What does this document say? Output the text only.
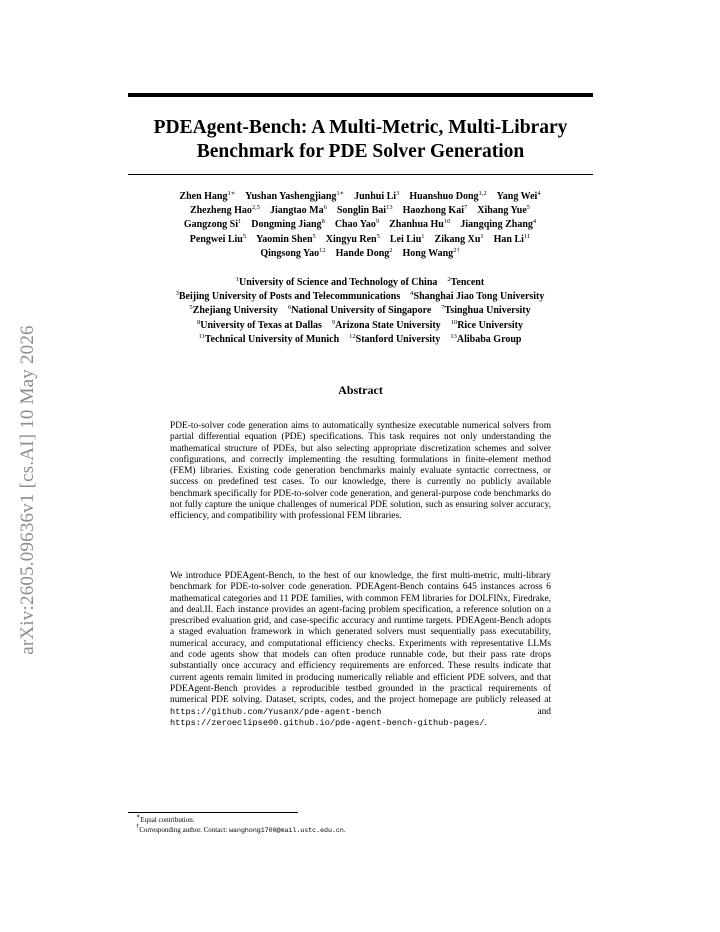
arXiv:2605.09636v1 [cs.AI] 10 May 2026
PDEAgent-Bench: A Multi-Metric, Multi-Library
Benchmark for PDE Solver Generation
Zhen Hang$^{1∗}$   Yushan Yashengjiang$^{1∗}$   Junhui Li$^3$   Huanshuo Dong$^{1,2}$   Yang Wei$^4$
Zhezheng Hao$^{2,5}$   Jiangtao Ma$^6$   Songlin Bai$^{13}$   Haozhong Kai$^7$   Xihang Yue$^5$
Gangzong Si$^1$   Dongming Jiang$^8$   Chao Yao$^9$   Zhanhua Hu$^{10}$   Jiangqing Zhang$^4$
Pengwei Liu$^5$   Yaomin Shen$^5$   Xingyu Ren$^5$   Lei Liu$^1$   Zikang Xu$^1$   Han Li$^{11}$
Qingsong Yao$^{12}$   Hande Dong$^2$   Hong Wang$^{2\dagger}$
$^1$University of Science and Technology of China  $^2$Tencent
$^3$Beijing University of Posts and Telecommunications  $^4$Shanghai Jiao Tong University
$^5$Zhejiang University  $^6$National University of Singapore  $^7$Tsinghua University
$^8$University of Texas at Dallas  $^9$Arizona State University  $^{10}$Rice University
$^{11}$Technical University of Munich  $^{12}$Stanford University  $^{13}$Alibaba Group
Abstract
PDE-to-solver code generation aims to automatically synthesize executable numerical solvers from partial differential equation (PDE) specifications. This task requires not only understanding the mathematical structure of PDEs, but also selecting appropriate discretization schemes and solver configurations, and correctly implementing the resulting formulations in finite-element method (FEM) libraries. Existing code generation benchmarks mainly evaluate syntactic correctness, or success on predefined test cases. To our knowledge, there is currently no publicly available benchmark specifically for PDE-to-solver code generation, and general-purpose code benchmarks do not fully capture the unique challenges of numerical PDE solution, such as ensuring solver accuracy, efficiency, and compatibility with professional FEM libraries.
We introduce PDEAgent-Bench, to the best of our knowledge, the first multi-metric, multi-library benchmark for PDE-to-solver code generation. PDEAgent-Bench contains 645 instances across 6 mathematical categories and 11 PDE families, with common FEM libraries for DOLFINx, Firedrake, and deal.II. Each instance provides an agent-facing problem specification, a reference solution on a prescribed evaluation grid, and case-specific accuracy and runtime targets. PDEAgent-Bench adopts a staged evaluation framework in which generated solvers must sequentially pass executability, numerical accuracy, and computational efficiency checks. Experiments with representative LLMs and code agents show that models can often produce runnable code, but their pass rate drops substantially once accuracy and efficiency requirements are enforced. These results indicate that current agents remain limited in producing numerically reliable and efficient PDE solvers, and that PDEAgent-Bench provides a reproducible testbed grounded in the practical requirements of numerical PDE solving. Dataset, scripts, codes, and the project homepage are publicly released at https://github.com/YusanX/pde-agent-bench	and https://zeroeclipse00.github.io/pde-agent-bench-github-pages/.
∗Equal contribution.
†Corresponding author. Contact: wanghong1700@mail.ustc.edu.cn.
